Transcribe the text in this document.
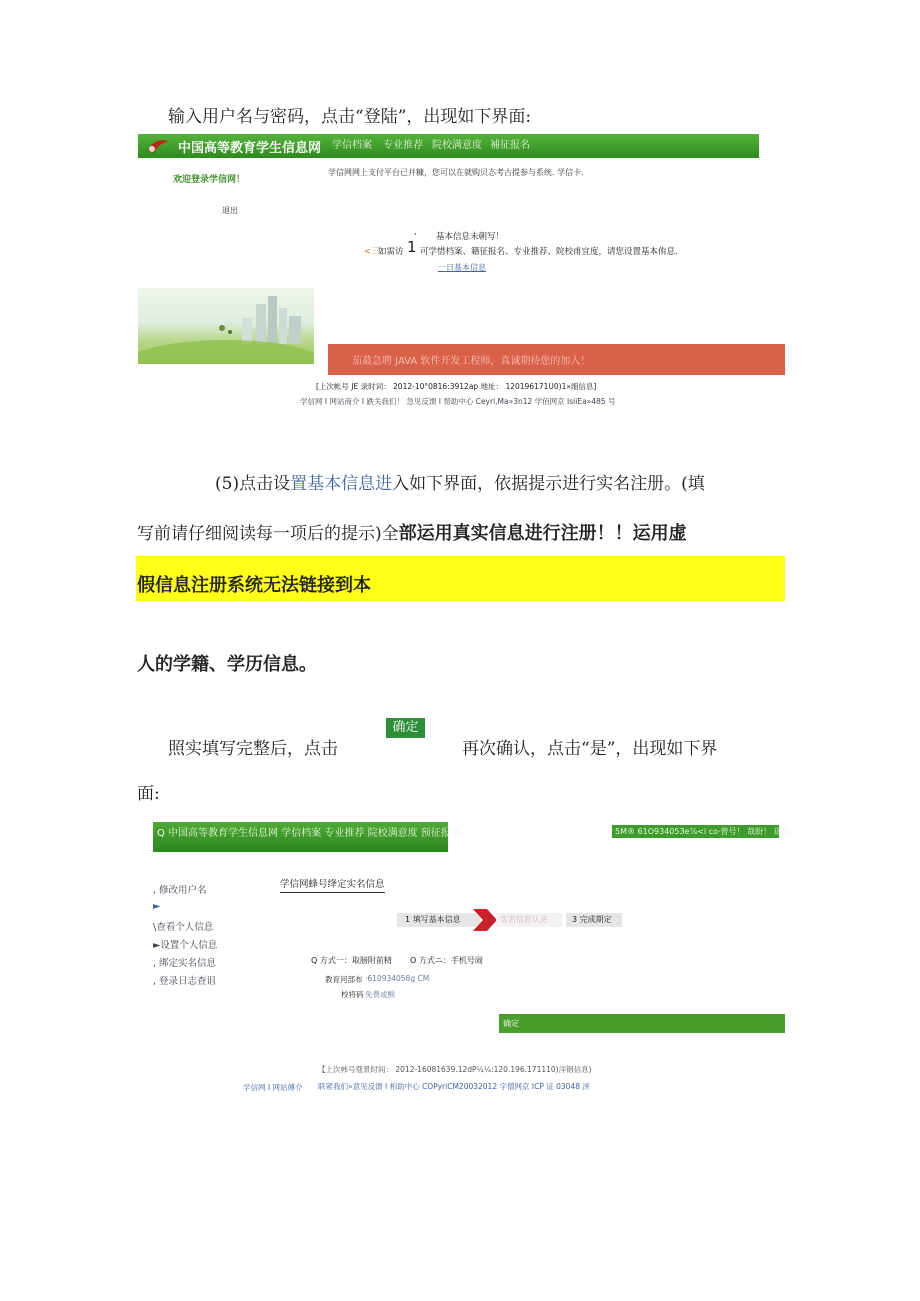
输入用户名与密码，点击“登陆”，出现如下界面:
中国高等教育学生信息网 学信档案 专业推荐 院校满意度 補征报名
学信网网上支付平台已并糠，您可以在就购贝态考古提参与系统. 学信卡.
欢迎登录学信网！
退出
,
基本信息未朝写！
<三
如需访 1 可学惜档案、籍征报名、专业推荐、院校甫宜度，请您设置基本侑息.
一日基本信息
茄蕞急聘 JAVA 软件开发工程师，真诚期待您的加入！
[上次帐号 JE 录时词： 2012-10°0816:3912ap 地址： 120196171U0)1»细信息]
学信网 I 网站商介 I 跌关我们！ 急见反馈 I 帮助中心 Ceyrl,Ma»3n12 学佰网京 IsiiEa»485 号
(5)点击设置基本信息进入如下界面，依据提示进行实名注册。(填
写前请仔细阅读每一项后的提示)全部运用真实信息进行注册！！运用虚
假信息注册系统无法链接到本
人的学籍、学历信息。
照实填写完整后，点击
确定
再次确认，点击“是”，出现如下界
面:
Q 中国高等教育学生信息网 学信档案 专业推荐 院校满意度 预征报名	5M® 61O934053e⅞<i co·曾号！ 哉盼！ 退出
, 修改用户名
►
\查看个人信息
►设置个人信息
, 绑定实名信息
, 登录日志查诅
学信网蜂号绛定实名信息
1 填写基本信息	实名信息认定	3 完成期定
Q 方式一：取膀附前精 O 方式ニ：手机号闹
教育河部布 ·610934058g CM
校将码 免费或酸
确定
【上次帏号蔻景时间： 2012-16081639.12dP¼¼:120.196.171110)洋铟信息)
学信网 I 网站傅介 联紧我们»意见反馈 I 相助中心 COPyriCM20032012 字僧网京 ICP 证 03048 洴
